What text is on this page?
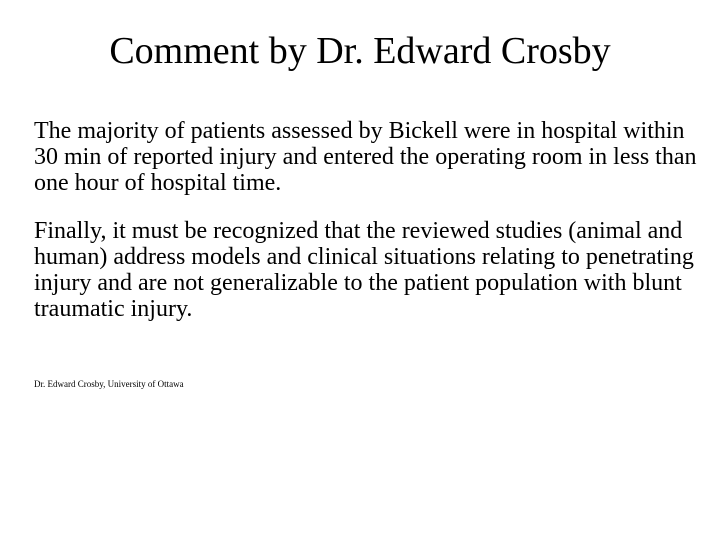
Comment by Dr. Edward Crosby

The majority of patients assessed by Bickell were in hospital within 30 min of reported injury and entered the operating room in less than one hour of hospital time.

Finally, it must be recognized that the reviewed studies (animal and human) address models and clinical situations relating to penetrating injury and are not generalizable to the patient population with blunt traumatic injury.

Dr. Edward Crosby, University of Ottawa
